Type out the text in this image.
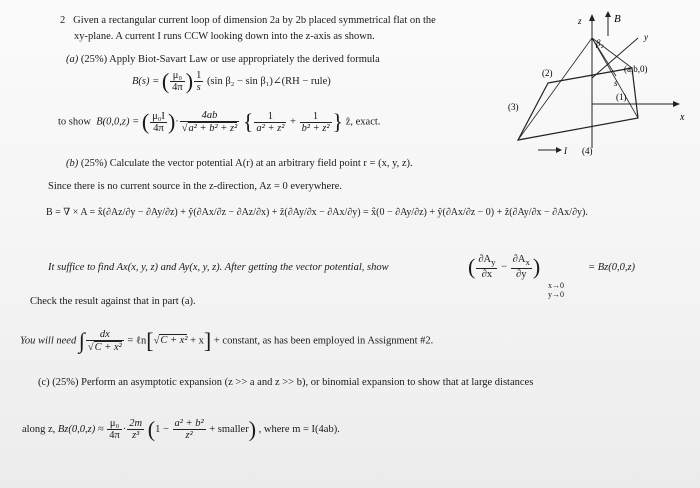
2 Given a rectangular current loop of dimension 2a by 2b placed symmetrical flat on the
xy-plane. A current I runs CCW looking down into the z-axis as shown.
(a) (25%) Apply Biot-Savart Law or use appropriately the derived formula
B(s) = ( $\frac{\text{μ₀}}{4\pi}$ ) $\frac{1}{s} (\sin$ β₂ − sin β₁)∠(RH − rule)
to show B(0,0,z) = ( $\frac{\text{μ₀I}}{4\pi}$ )· $\frac{4ab}{\text{√a² + b² + z²}}$ { $\frac{1}{\text{a² + z²}} + \frac{1}{\text{b² + z²}}$ } ẑ, exact.
(b) (25%) Calculate the vector potential A(r) at an arbitrary field point r = (x, y, z).
Since there is no current source in the z-direction, Az = 0 everywhere.
B = ∇ × A = x̂(∂Az/∂y − ∂Ay/∂z) + ŷ(∂Ax/∂z − ∂Az/∂x) + ẑ(∂Ay/∂x − ∂Ax/∂y) = x̂(0 − ∂Ay/∂z) + ŷ(∂Ax/∂z − 0) + ẑ(∂Ay/∂x − ∂Ax/∂y).
It suffice to find Ax(x, y, z) and Ay(x, y, z). After getting the vector potential, show	( $\frac{\partial A_y}{\partial x} - \frac{\partial A_x}{\partial y}$ )
x→0
y→0
= Bz(0,0,z)
Check the result against that in part (a).
You will need ∫ $\frac{dx}{\text{√C + x²}}$ = ℓn[√C + x² + x] + constant, as has been employed in Assignment #2.
(c) (25%) Perform an asymptotic expansion (z >> a and z >> b), or binomial expansion to show that at large distances
along z, $Bz(0,0,z) \approx \frac{\text{μ₀}}{4\pi} \cdot \frac{2m}{\text{z³}} (1 - \frac{\text{a² + b²}}{\text{z²}}$ + smaller) , where m = I(4ab).
z	B
y
x
β₂
s
(a,b,0)
(2)
(1)
(3)
I (4)
